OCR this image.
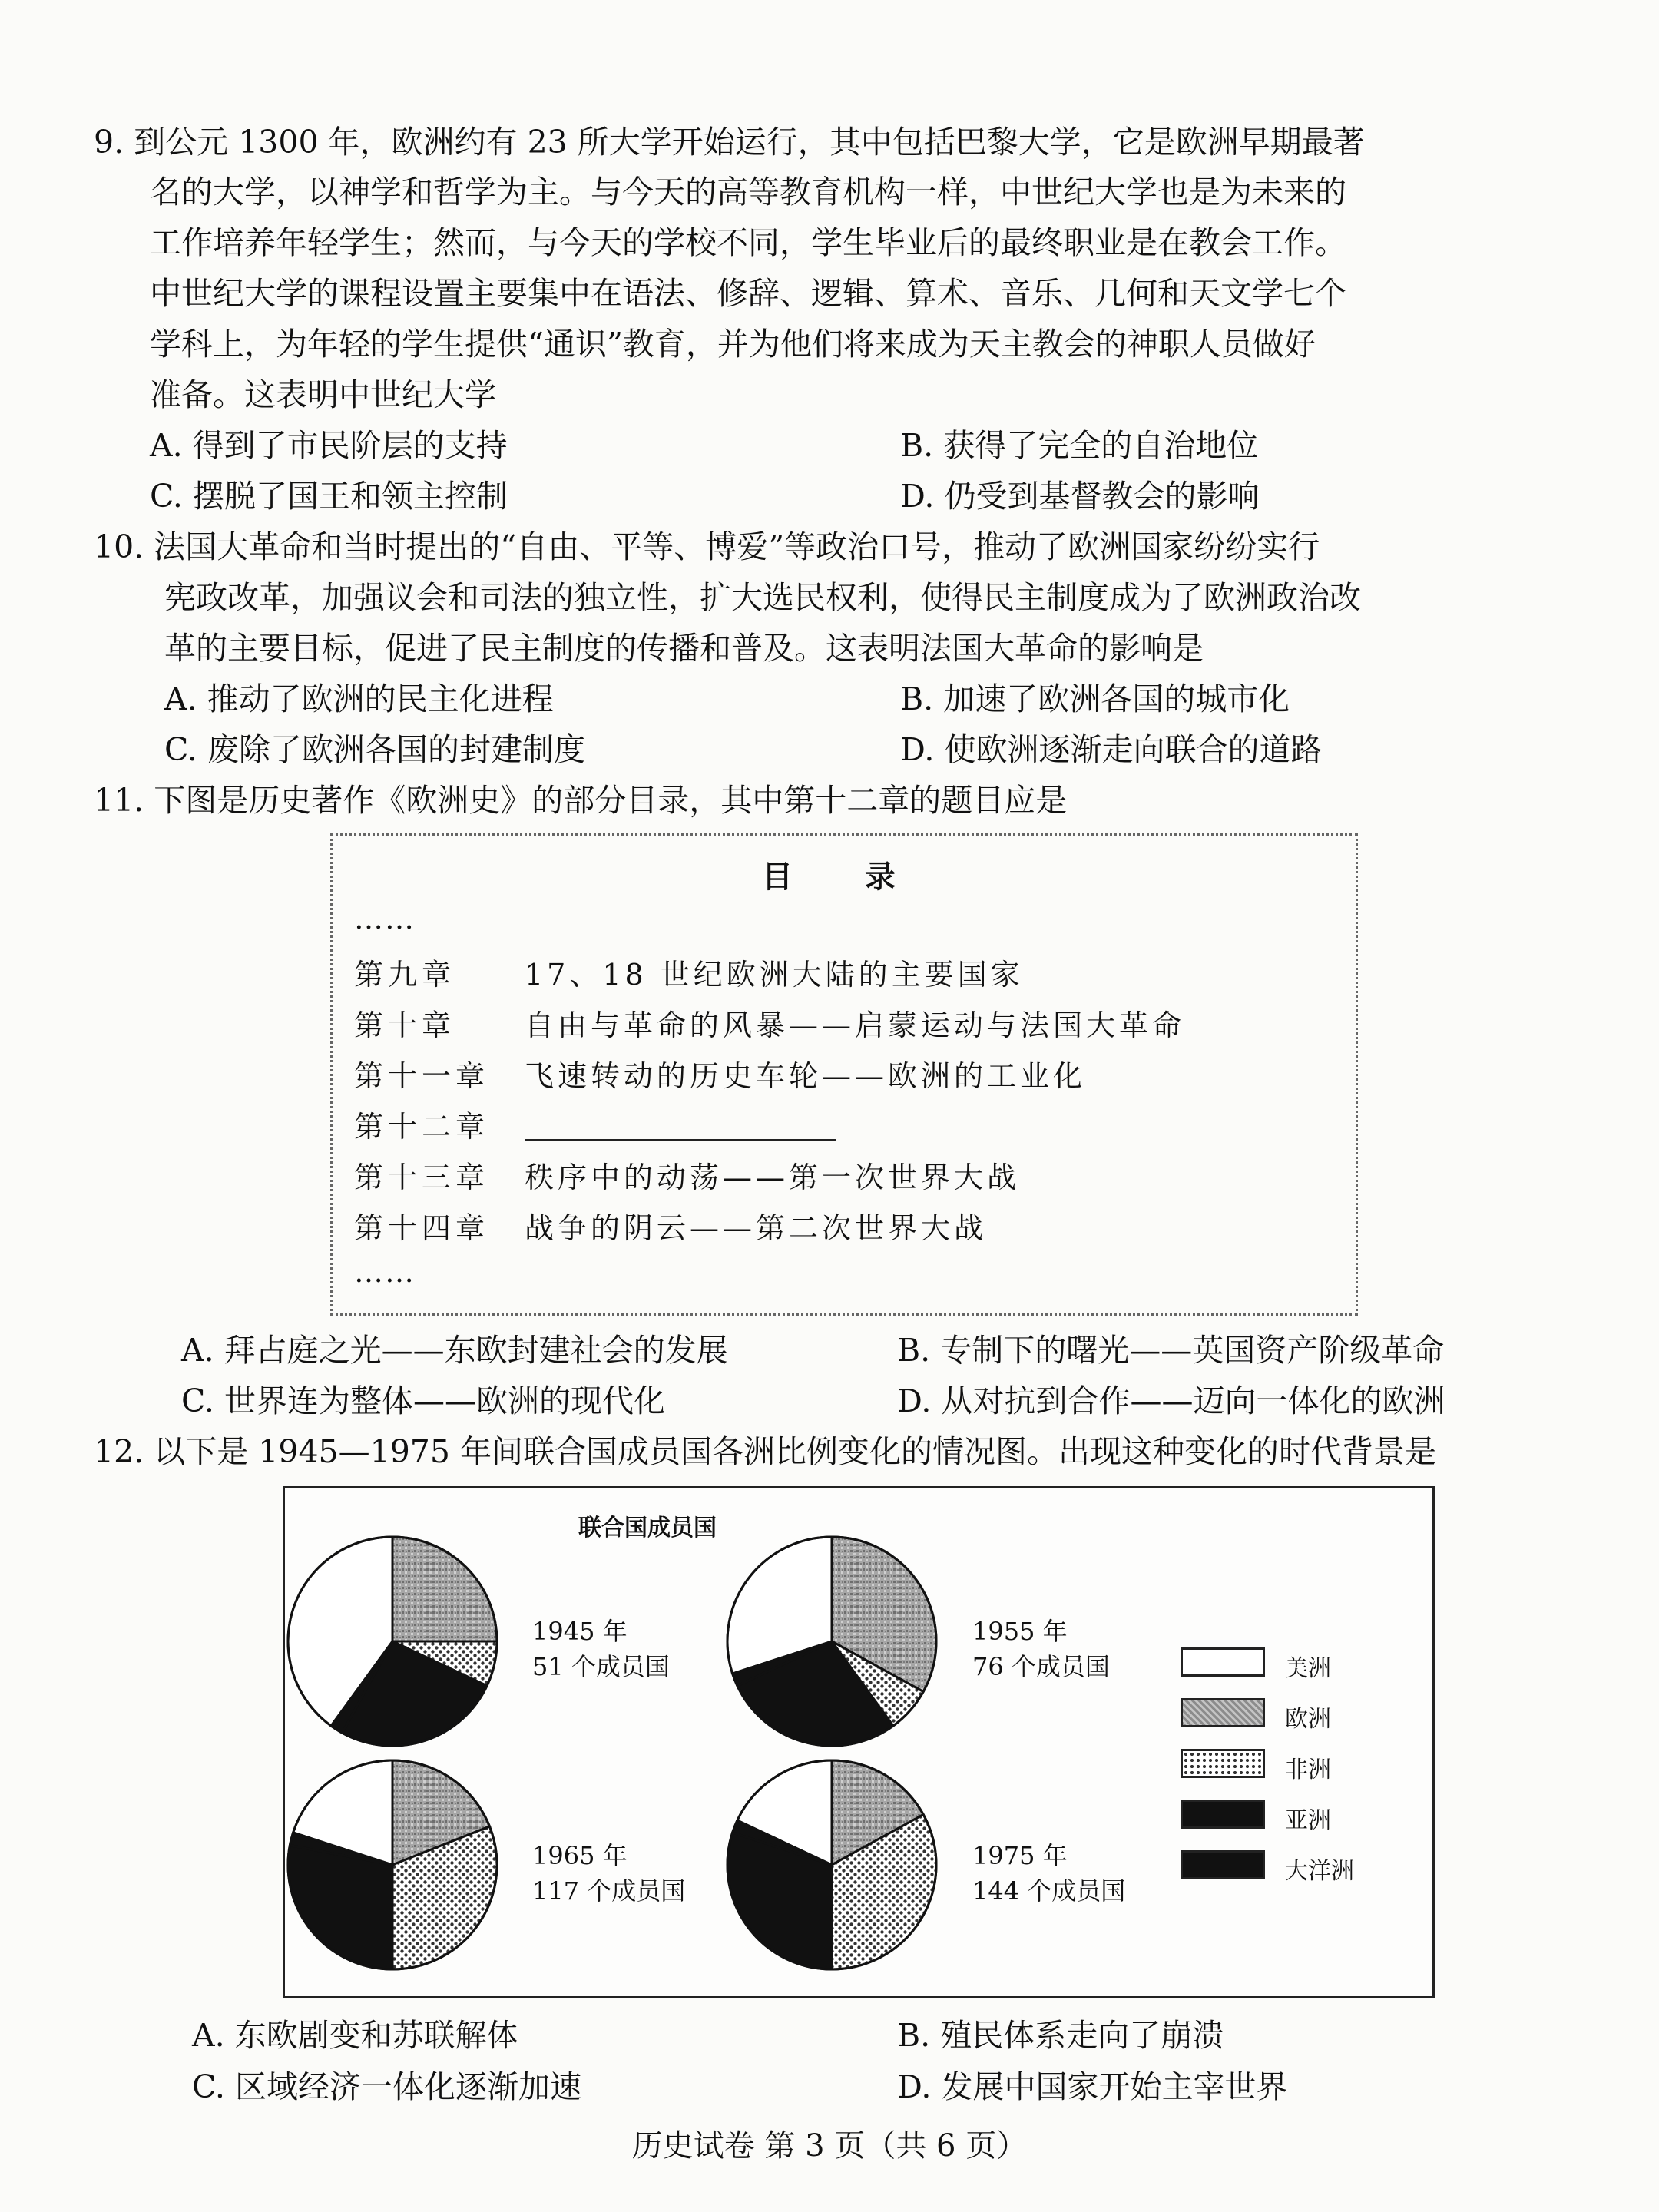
9. 到公元 1300 年，欧洲约有 23 所大学开始运行，其中包括巴黎大学，它是欧洲早期最著
名的大学，以神学和哲学为主。与今天的高等教育机构一样，中世纪大学也是为未来的
工作培养年轻学生；然而，与今天的学校不同，学生毕业后的最终职业是在教会工作。
中世纪大学的课程设置主要集中在语法、修辞、逻辑、算术、音乐、几何和天文学七个
学科上，为年轻的学生提供“通识”教育，并为他们将来成为天主教会的神职人员做好
准备。这表明中世纪大学
A. 得到了市民阶层的支持	B. 获得了完全的自治地位
C. 摆脱了国王和领主控制	D. 仍受到基督教会的影响
10. 法国大革命和当时提出的“自由、平等、博爱”等政治口号，推动了欧洲国家纷纷实行
宪政改革，加强议会和司法的独立性，扩大选民权利，使得民主制度成为了欧洲政治改
革的主要目标，促进了民主制度的传播和普及。这表明法国大革命的影响是
A. 推动了欧洲的民主化进程	B. 加速了欧洲各国的城市化
C. 废除了欧洲各国的封建制度	D. 使欧洲逐渐走向联合的道路
11. 下图是历史著作《欧洲史》的部分目录，其中第十二章的题目应是
目 录
……
第九章 17、18 世纪欧洲大陆的主要国家
第十章 自由与革命的风暴——启蒙运动与法国大革命
第十一章 飞速转动的历史车轮——欧洲的工业化
第十二章
第十三章 秩序中的动荡——第一次世界大战
第十四章 战争的阴云——第二次世界大战
……
A. 拜占庭之光——东欧封建社会的发展	B. 专制下的曙光——英国资产阶级革命
C. 世界连为整体——欧洲的现代化	D. 从对抗到合作——迈向一体化的欧洲
12. 以下是 1945—1975 年间联合国成员国各洲比例变化的情况图。出现这种变化的时代背景是
联合国成员国
1945 年
51 个成员国
1955 年
76 个成员国
1965 年
117 个成员国
1975 年
144 个成员国
美洲
欧洲
非洲
亚洲
大洋洲
A. 东欧剧变和苏联解体	B. 殖民体系走向了崩溃
C. 区域经济一体化逐渐加速	D. 发展中国家开始主宰世界
历史试卷 第 3 页（共 6 页）
